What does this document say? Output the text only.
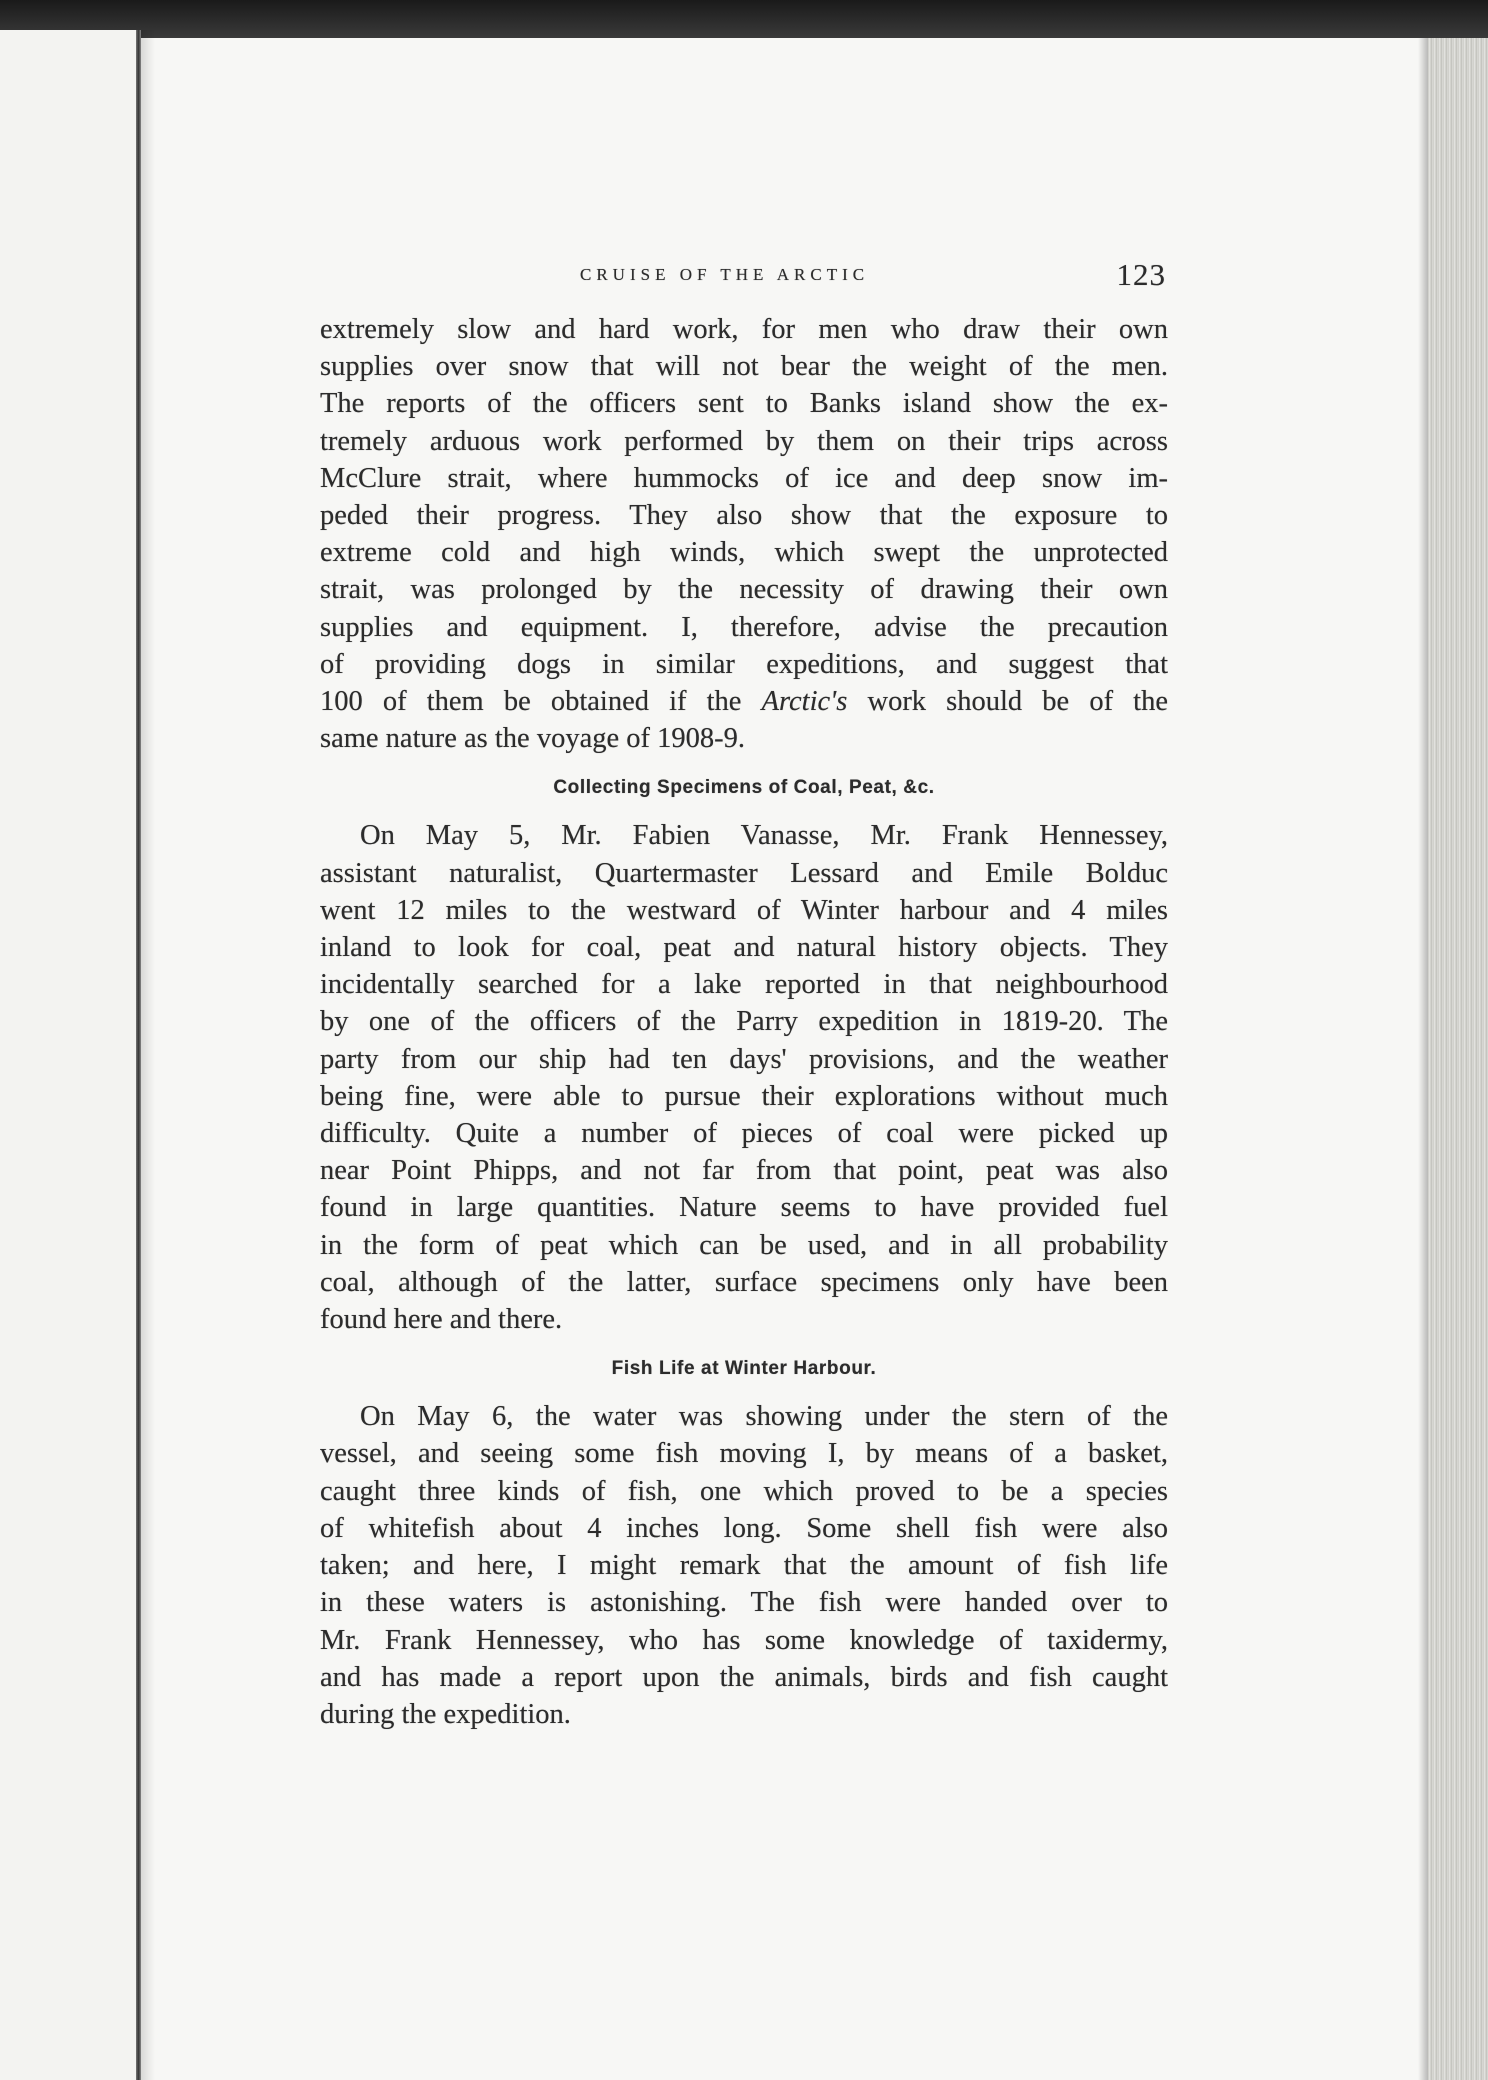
CRUISE OF THE ARCTIC	123
extremely slow and hard work, for men who draw their own
supplies over snow that will not bear the weight of the men.
The reports of the officers sent to Banks island show the ex-
tremely arduous work performed by them on their trips across
McClure strait, where hummocks of ice and deep snow im-
peded their progress. They also show that the exposure to
extreme cold and high winds, which swept the unprotected
strait, was prolonged by the necessity of drawing their own
supplies and equipment. I, therefore, advise the precaution
of providing dogs in similar expeditions, and suggest that
100 of them be obtained if the Arctic's work should be of the
same nature as the voyage of 1908-9.
Collecting Specimens of Coal, Peat, &c.
On May 5, Mr. Fabien Vanasse, Mr. Frank Hennessey,
assistant naturalist, Quartermaster Lessard and Emile Bolduc
went 12 miles to the westward of Winter harbour and 4 miles
inland to look for coal, peat and natural history objects. They
incidentally searched for a lake reported in that neighbourhood
by one of the officers of the Parry expedition in 1819-20. The
party from our ship had ten days' provisions, and the weather
being fine, were able to pursue their explorations without much
difficulty. Quite a number of pieces of coal were picked up
near Point Phipps, and not far from that point, peat was also
found in large quantities. Nature seems to have provided fuel
in the form of peat which can be used, and in all probability
coal, although of the latter, surface specimens only have been
found here and there.
Fish Life at Winter Harbour.
On May 6, the water was showing under the stern of the
vessel, and seeing some fish moving I, by means of a basket,
caught three kinds of fish, one which proved to be a species
of whitefish about 4 inches long. Some shell fish were also
taken; and here, I might remark that the amount of fish life
in these waters is astonishing. The fish were handed over to
Mr. Frank Hennessey, who has some knowledge of taxidermy,
and has made a report upon the animals, birds and fish caught
during the expedition.
